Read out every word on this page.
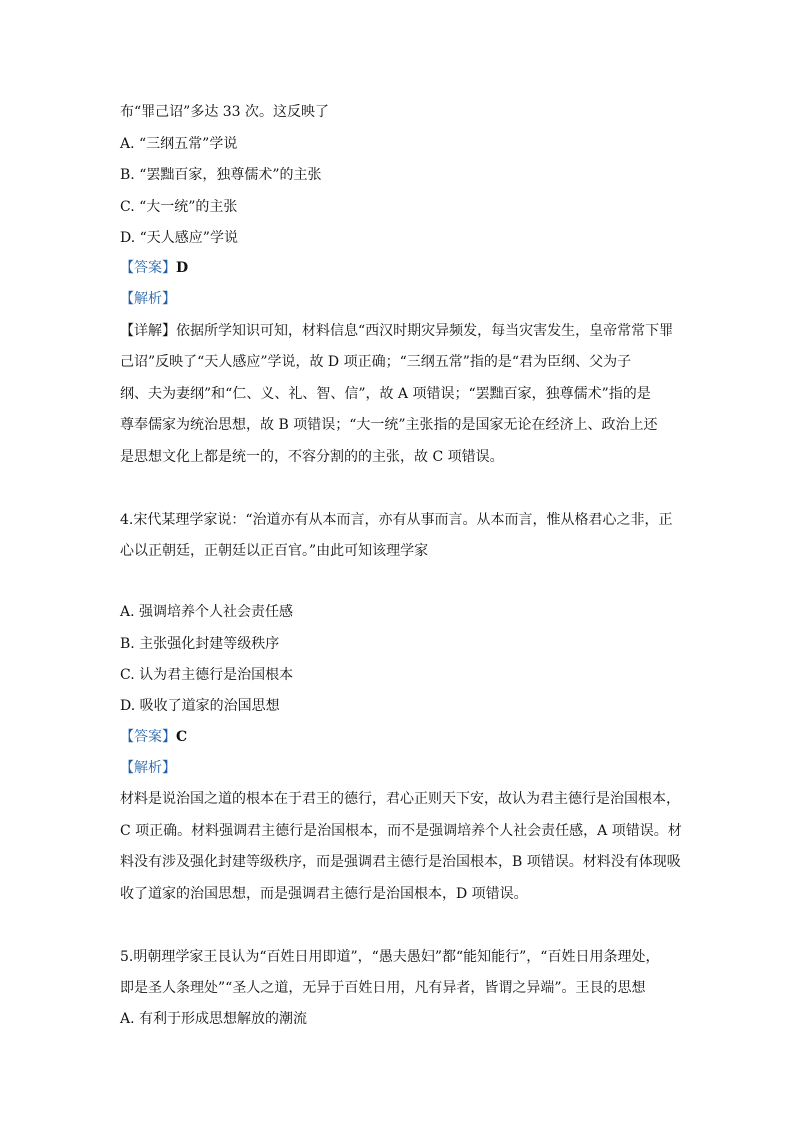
布“罪己诏”多达 33 次。这反映了
A. “三纲五常”学说
B. “罢黜百家，独尊儒术”的主张
C. “大一统”的主张
D. “天人感应”学说
【答案】D
【解析】
【详解】依据所学知识可知，材料信息“西汉时期灾异频发，每当灾害发生，皇帝常常下罪
己诏”反映了“天人感应”学说，故 D 项正确；“三纲五常”指的是“君为臣纲、父为子
纲、夫为妻纲”和“仁、义、礼、智、信”，故 A 项错误；“罢黜百家，独尊儒术”指的是
尊奉儒家为统治思想，故 B 项错误；“大一统”主张指的是国家无论在经济上、政治上还
是思想文化上都是统一的，不容分割的的主张，故 C 项错误。
4.宋代某理学家说：“治道亦有从本而言，亦有从事而言。从本而言，惟从格君心之非，正
心以正朝廷，正朝廷以正百官。”由此可知该理学家
A. 强调培养个人社会责任感
B. 主张强化封建等级秩序
C. 认为君主德行是治国根本
D. 吸收了道家的治国思想
【答案】C
【解析】
材料是说治国之道的根本在于君王的德行，君心正则天下安，故认为君主德行是治国根本，
C 项正确。材料强调君主德行是治国根本，而不是强调培养个人社会责任感，A 项错误。材
料没有涉及强化封建等级秩序，而是强调君主德行是治国根本，B 项错误。材料没有体现吸
收了道家的治国思想，而是强调君主德行是治国根本，D 项错误。
5.明朝理学家王艮认为“百姓日用即道”，“愚夫愚妇”都“能知能行”，“百姓日用条理处，
即是圣人条理处”“圣人之道，无异于百姓日用，凡有异者，皆谓之异端”。王艮的思想
A. 有利于形成思想解放的潮流
